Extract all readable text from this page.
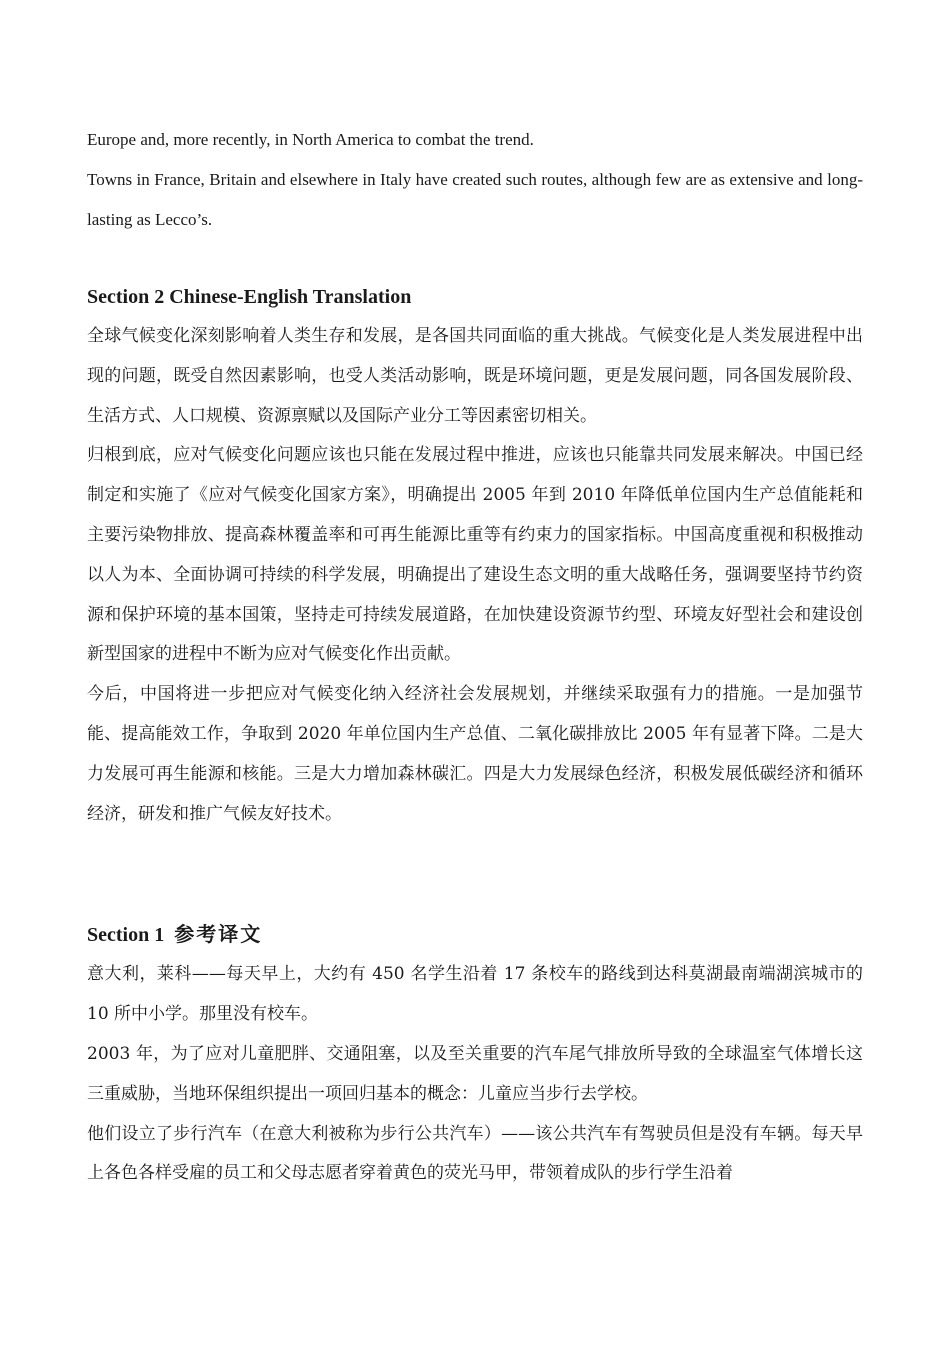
Europe and, more recently, in North America to combat the trend.

Towns in France, Britain and elsewhere in Italy have created such routes, although few are as extensive and long-lasting as Lecco’s.

Section 2 Chinese-English Translation

全球气候变化深刻影响着人类生存和发展，是各国共同面临的重大挑战。气候变化是人类发展进程中出现的问题，既受自然因素影响，也受人类活动影响，既是环境问题，更是发展问题，同各国发展阶段、生活方式、人口规模、资源禀赋以及国际产业分工等因素密切相关。

归根到底，应对气候变化问题应该也只能在发展过程中推进，应该也只能靠共同发展来解决。中国已经制定和实施了《应对气候变化国家方案》，明确提出 2005 年到 2010 年降低单位国内生产总值能耗和主要污染物排放、提高森林覆盖率和可再生能源比重等有约束力的国家指标。中国高度重视和积极推动以人为本、全面协调可持续的科学发展，明确提出了建设生态文明的重大战略任务，强调要坚持节约资源和保护环境的基本国策，坚持走可持续发展道路，在加快建设资源节约型、环境友好型社会和建设创新型国家的进程中不断为应对气候变化作出贡献。

今后，中国将进一步把应对气候变化纳入经济社会发展规划，并继续采取强有力的措施。一是加强节能、提高能效工作，争取到 2020 年单位国内生产总值、二氧化碳排放比 2005 年有显著下降。二是大力发展可再生能源和核能。三是大力增加森林碳汇。四是大力发展绿色经济，积极发展低碳经济和循环经济，研发和推广气候友好技术。

Section 1 参考译文

意大利，莱科——每天早上，大约有 450 名学生沿着 17 条校车的路线到达科莫湖最南端湖滨城市的 10 所中小学。那里没有校车。

2003 年，为了应对儿童肥胖、交通阻塞，以及至关重要的汽车尾气排放所导致的全球温室气体增长这三重威胁，当地环保组织提出一项回归基本的概念：儿童应当步行去学校。

他们设立了步行汽车（在意大利被称为步行公共汽车）——该公共汽车有驾驶员但是没有车辆。每天早上各色各样受雇的员工和父母志愿者穿着黄色的荧光马甲，带领着成队的步行学生沿着
